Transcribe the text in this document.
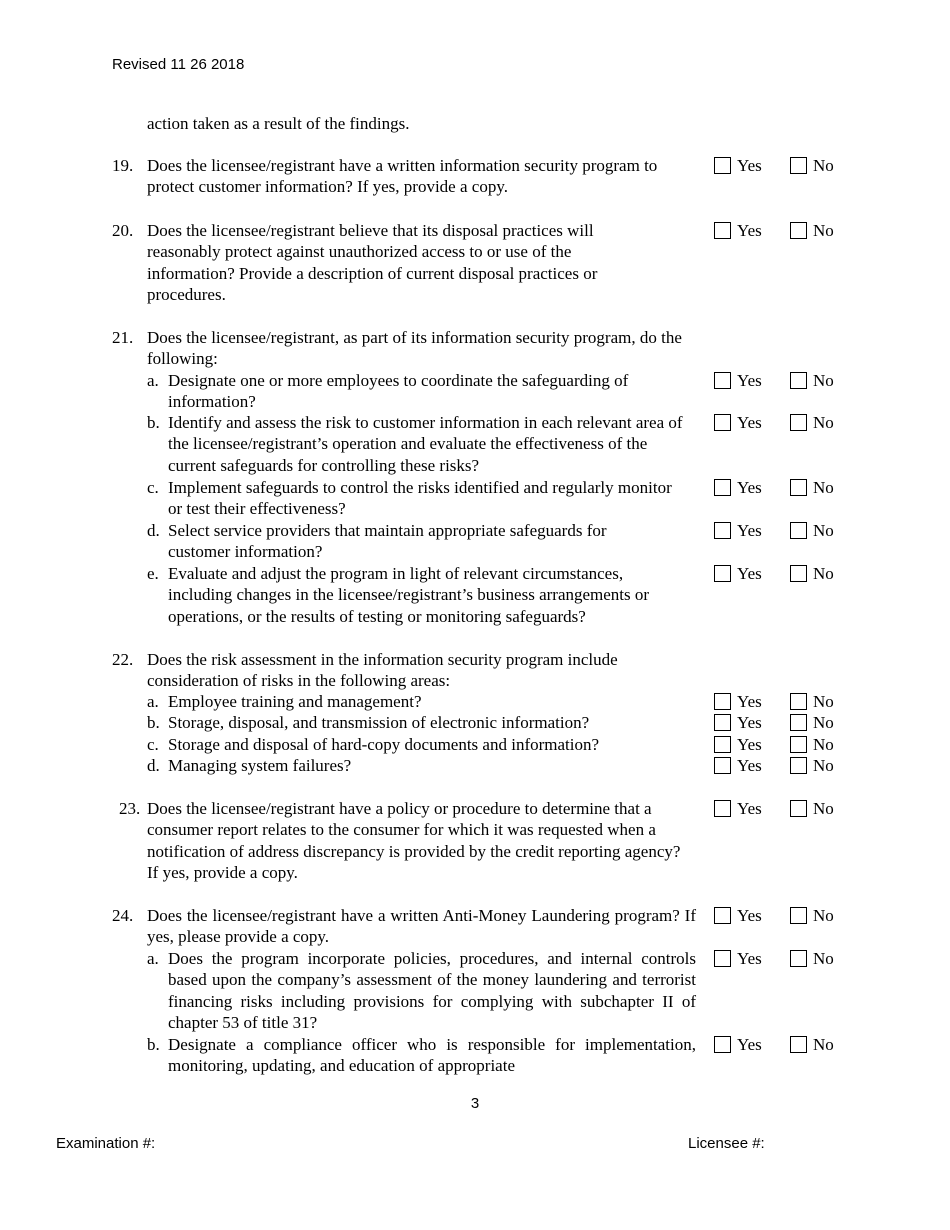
Revised 11 26 2018
action taken as a result of the findings.
19. Does the licensee/registrant have a written information security program to protect customer information? If yes, provide a copy.
Yes	No
20. Does the licensee/registrant believe that its disposal practices will reasonably protect against unauthorized access to or use of the information? Provide a description of current disposal practices or procedures.
Yes	No
21. Does the licensee/registrant, as part of its information security program, do the following:
a. Designate one or more employees to coordinate the safeguarding of information?
Yes	No
b. Identify and assess the risk to customer information in each relevant area of the licensee/registrant’s operation and evaluate the effectiveness of the current safeguards for controlling these risks?
Yes	No
c. Implement safeguards to control the risks identified and regularly monitor or test their effectiveness?
Yes	No
d. Select service providers that maintain appropriate safeguards for customer information?
Yes	No
e. Evaluate and adjust the program in light of relevant circumstances, including changes in the licensee/registrant’s business arrangements or operations, or the results of testing or monitoring safeguards?
Yes	No
22. Does the risk assessment in the information security program include consideration of risks in the following areas:
a. Employee training and management?	Yes	No
b. Storage, disposal, and transmission of electronic information?	Yes	No
c. Storage and disposal of hard-copy documents and information?	Yes	No
d. Managing system failures?	Yes	No
23. Does the licensee/registrant have a policy or procedure to determine that a consumer report relates to the consumer for which it was requested when a notification of address discrepancy is provided by the credit reporting agency? If yes, provide a copy.
Yes	No
24. Does the licensee/registrant have a written Anti-Money Laundering program? If yes, please provide a copy.
Yes	No
a. Does the program incorporate policies, procedures, and internal controls based upon the company’s assessment of the money laundering and terrorist financing risks including provisions for complying with subchapter II of chapter 53 of title 31?
Yes	No
b. Designate a compliance officer who is responsible for implementation, monitoring, updating, and education of appropriate
Yes	No
3
Examination #:	Licensee #:
